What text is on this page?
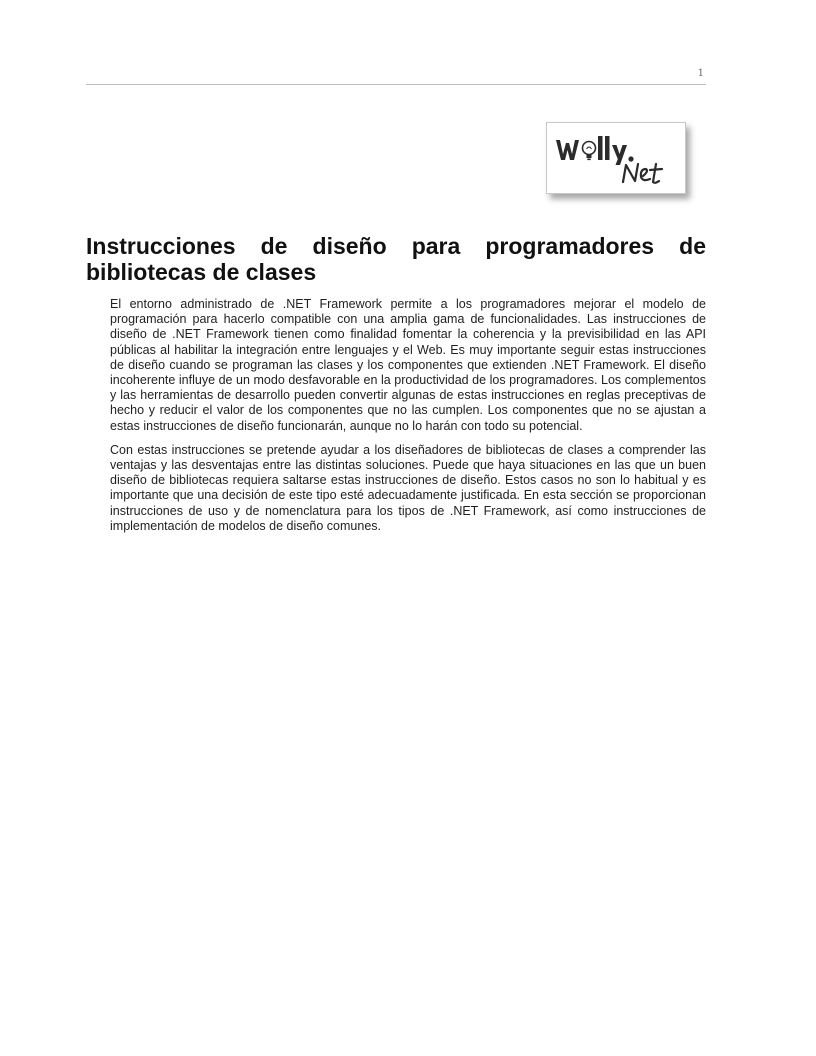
1
Instrucciones de diseño para programadores de bibliotecas de clases

El entorno administrado de .NET Framework permite a los programadores mejorar el modelo de programación para hacerlo compatible con una amplia gama de funcionalidades. Las instrucciones de diseño de .NET Framework tienen como finalidad fomentar la coherencia y la previsibilidad en las API públicas al habilitar la integración entre lenguajes y el Web. Es muy importante seguir estas instrucciones de diseño cuando se programan las clases y los componentes que extienden .NET Framework. El diseño incoherente influye de un modo desfavorable en la productividad de los programadores. Los complementos y las herramientas de desarrollo pueden convertir algunas de estas instrucciones en reglas preceptivas de hecho y reducir el valor de los componentes que no las cumplen. Los componentes que no se ajustan a estas instrucciones de diseño funcionarán, aunque no lo harán con todo su potencial.

Con estas instrucciones se pretende ayudar a los diseñadores de bibliotecas de clases a comprender las ventajas y las desventajas entre las distintas soluciones. Puede que haya situaciones en las que un buen diseño de bibliotecas requiera saltarse estas instrucciones de diseño. Estos casos no son lo habitual y es importante que una decisión de este tipo esté adecuadamente justificada. En esta sección se proporcionan instrucciones de uso y de nomenclatura para los tipos de .NET Framework, así como instrucciones de implementación de modelos de diseño comunes.
